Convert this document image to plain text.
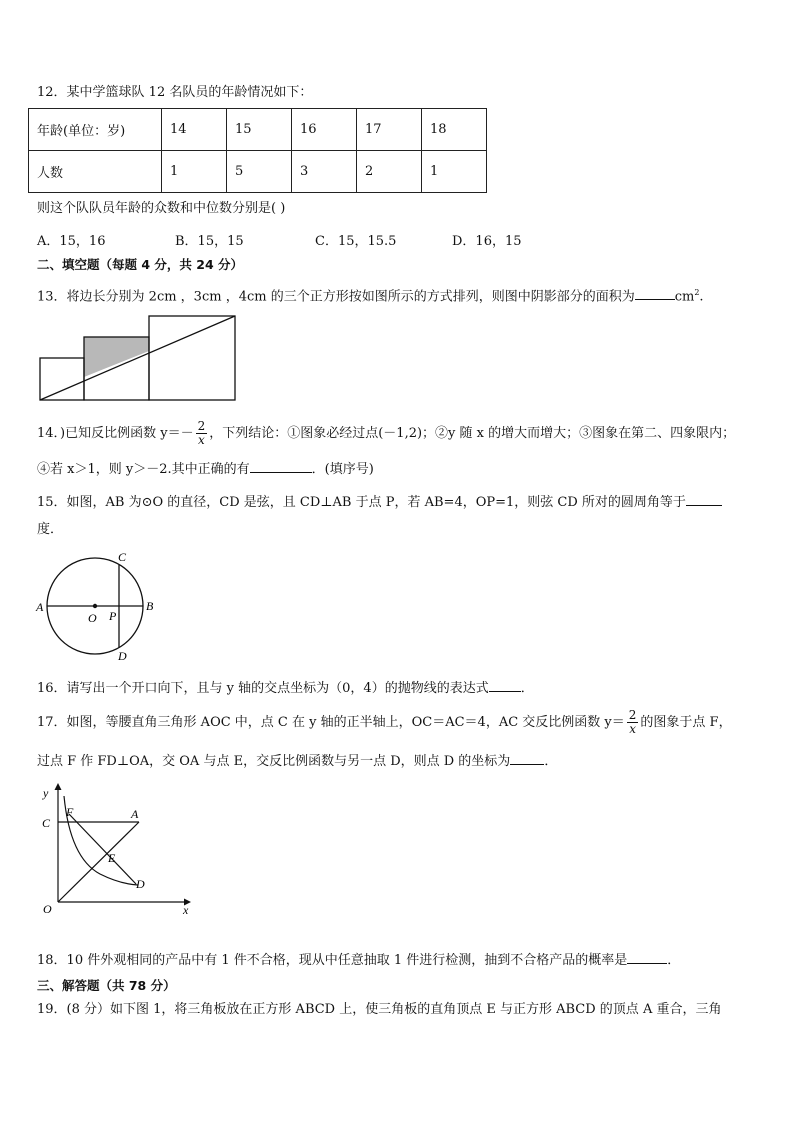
12．某中学篮球队 12 名队员的年龄情况如下：
年龄(单位：岁)	14	15	16	17	18
人数	1	5	3	2	1
则这个队队员年龄的众数和中位数分别是( )
A．15，16	B．15，15	C．15，15.5	D．16，15
二、填空题（每题 4 分，共 24 分）
13．将边长分别为 2cm ，3cm ，4cm 的三个正方形按如图所示的方式排列，则图中阴影部分的面积为	$cm^2$.
14．)已知反比例函数 $y=- \frac{2}{x}$ ，下列结论：①图象必经过点(－1,2)；②y 随 x 的增大而增大；③图象在第二、四象限内；
④若 x＞1，则 y＞－2.其中正确的有	．(填序号)
15．如图，AB 为⊙O 的直径，CD 是弦，且 CD⊥AB 于点 P，若 AB=4，OP=1，则弦 CD 所对的圆周角等于
度．
A	B
C
D
O P
16．请写出一个开口向下，且与 y 轴的交点坐标为（0，4）的抛物线的表达式 ．
17．如图，等腰直角三角形 AOC 中，点 C 在 y 轴的正半轴上，OC＝AC＝4，AC 交反比例函数 $y= \frac{2}{x}$ 的图象于点 F，
过点 F 作 FD⊥OA，交 OA 与点 E，交反比例函数与另一点 D，则点 D 的坐标为	．
y
x
C
F	A
E
D
O
18．10 件外观相同的产品中有 1 件不合格，现从中任意抽取 1 件进行检测，抽到不合格产品的概率是	．
三、解答题（共 78 分）
19．(8 分）如下图 1，将三角板放在正方形 ABCD 上，使三角板的直角顶点 E 与正方形 ABCD 的顶点 A 重合，三角
